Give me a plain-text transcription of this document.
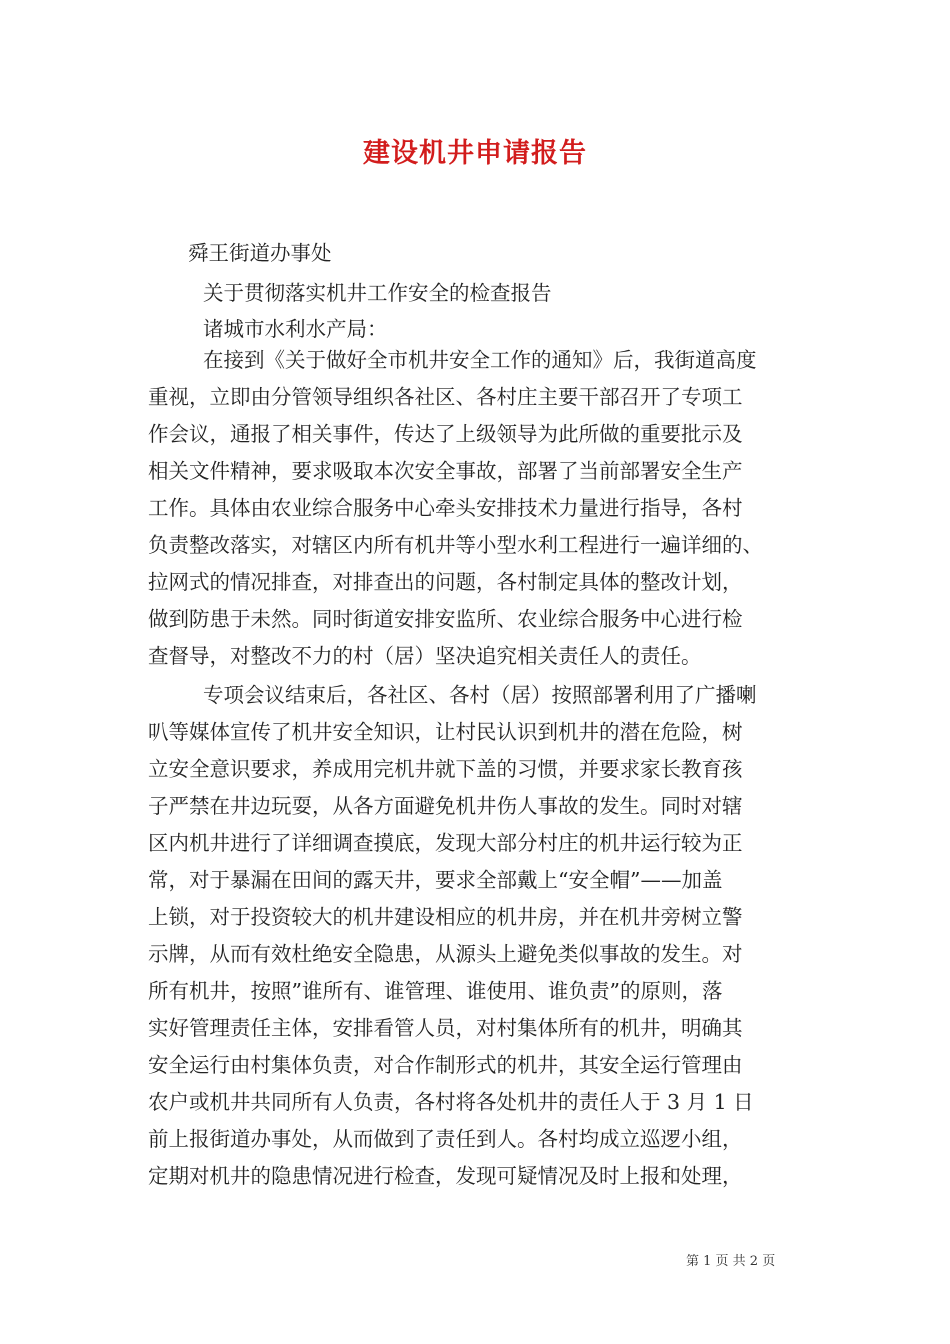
建设机井申请报告

舜王街道办事处

关于贯彻落实机井工作安全的检查报告

诸城市水利水产局：

在接到《关于做好全市机井安全工作的通知》后，我街道高度

重视，立即由分管领导组织各社区、各村庄主要干部召开了专项工

作会议，通报了相关事件，传达了上级领导为此所做的重要批示及

相关文件精神，要求吸取本次安全事故，部署了当前部署安全生产

工作。具体由农业综合服务中心牵头安排技术力量进行指导，各村

负责整改落实，对辖区内所有机井等小型水利工程进行一遍详细的、

拉网式的情况排查，对排查出的问题，各村制定具体的整改计划，

做到防患于未然。同时街道安排安监所、农业综合服务中心进行检

查督导，对整改不力的村（居）坚决追究相关责任人的责任。

专项会议结束后，各社区、各村（居）按照部署利用了广播喇

叭等媒体宣传了机井安全知识，让村民认识到机井的潜在危险，树

立安全意识要求，养成用完机井就下盖的习惯，并要求家长教育孩

子严禁在井边玩耍，从各方面避免机井伤人事故的发生。同时对辖

区内机井进行了详细调查摸底，发现大部分村庄的机井运行较为正

常，对于暴漏在田间的露天井，要求全部戴上“安全帽”——加盖

上锁，对于投资较大的机井建设相应的机井房，并在机井旁树立警

示牌，从而有效杜绝安全隐患，从源头上避免类似事故的发生。对

所有机井，按照”谁所有、谁管理、谁使用、谁负责”的原则，落

实好管理责任主体，安排看管人员，对村集体所有的机井，明确其

安全运行由村集体负责，对合作制形式的机井，其安全运行管理由

农户或机井共同所有人负责，各村将各处机井的责任人于 3 月 1 日

前上报街道办事处，从而做到了责任到人。各村均成立巡逻小组，

定期对机井的隐患情况进行检查，发现可疑情况及时上报和处理，

第 1 页 共 2 页
